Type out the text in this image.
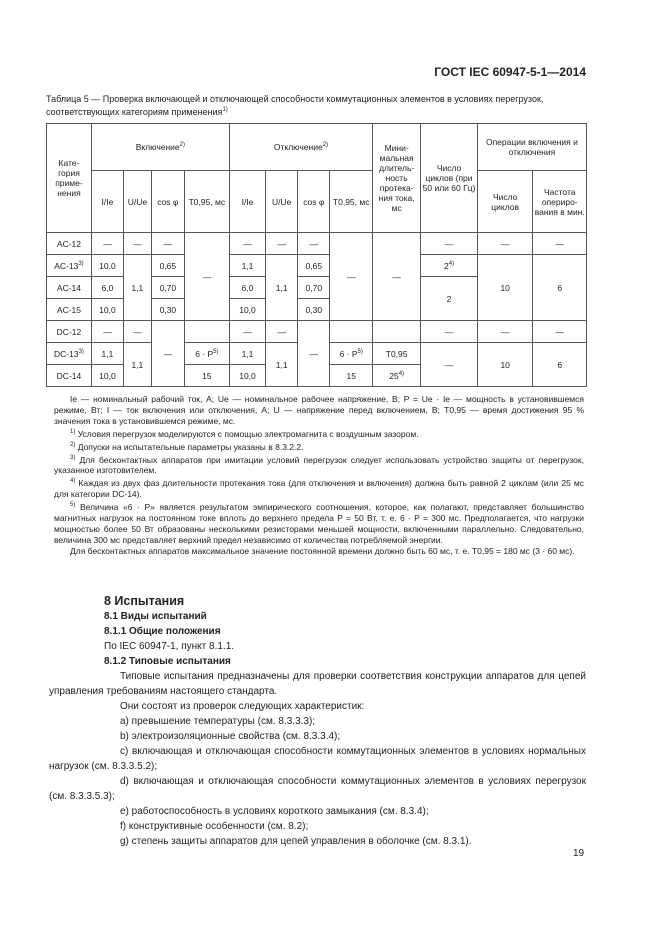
ГОСТ IEC 60947-5-1—2014
Таблица 5 — Проверка включающей и отключающей способности коммутационных элементов в условиях перегрузок, соответствующих категориям применения$^{1)}$
Кате-гория приме-нения	Включение$^{2)}$				Отключение$^{2)}$				Мини-мальная длитель-ность протека-ния тока, мс	Число циклов (при 50 или 60 Гц)	Операции включения и отключения	
	I/Ie	U/Ue	cos φ	T0,95, мс	I/Ie	U/Ue	cos φ	T0,95, мс			Число циклов	Частота опериро-вания в мин.
AC-12	—	—	—	—	—	—	—	—	—	—	—	—
AC-13$^{3)}$	10,0	1,1	0,65		1,1	1,1	0,65			2$^{4)}$	10	6
AC-14	6,0		0,70		6,0		0,70			2		
AC-15	10,0		0,30		10,0		0,30					
DC-12	—	—	—		—	—	—			—	—	—
DC-13$^{3)}$	1,1	1,1		$6 \cdot P^{5)}$	1,1	1,1		$6 \cdot P^{5)}$	T0,95	—	10	6
DC-14	10,0			15	10,0			15	25$^{4)}$

Ie — номинальный рабочий ток, А; Ue — номинальное рабочее напряжение, В; P = Ue · Ie — мощность в установившемся режиме, Вт; I — ток включения или отключения, А; U — напряжение перед включением, В; T0,95 — время достижения 95 % значения тока в установившемся режиме, мс.

$^{1)}$ Условия перегрузок моделируются с помощью электромагнита с воздушным зазором.

$^{2)}$ Допуски на испытательные параметры указаны в 8.3.2.2.

$^{3)}$ Для бесконтактных аппаратов при имитации условий перегрузок следует использовать устройство защиты от перегрузок, указанное изготовителем.

$^{4)}$ Каждая из двух фаз длительности протекания тока (для отключения и включения) должна быть равной 2 циклам (или 25 мс для категории DC-14).

$^{5)}$ Величина «6 · P» является результатом эмпирического соотношения, которое, как полагают, представляет большинство магнитных нагрузок на постоянном токе вплоть до верхнего предела P = 50 Вт, т. е. 6 · P = 300 мс. Предполагается, что нагрузки мощностью более 50 Вт образованы несколькими резисторами меньшей мощности, включенными параллельно. Следовательно, величина 300 мс представляет верхний предел независимо от количества потребляемой энергии.

Для бесконтактных аппаратов максимальное значение постоянной времени должно быть 60 мс, т. е. T0,95 = 180 мс (3 · 60 мс).

8 Испытания

8.1 Виды испытаний

8.1.1 Общие положения

По IEC 60947-1, пункт 8.1.1.

8.1.2 Типовые испытания

Типовые испытания предназначены для проверки соответствия конструкции аппаратов для цепей управления требованиям настоящего стандарта.

Они состоят из проверок следующих характеристик:

a) превышение температуры (см. 8.3.3.3);

b) электроизоляционные свойства (см. 8.3.3.4);

c) включающая и отключающая способности коммутационных элементов в условиях нормальных нагрузок (см. 8.3.3.5.2);

d) включающая и отключающая способности коммутационных элементов в условиях перегрузок (см. 8.3.3.5.3);

e) работоспособность в условиях короткого замыкания (см. 8.3.4);

f) конструктивные особенности (см. 8.2);

g) степень защиты аппаратов для цепей управления в оболочке (см. 8.3.1).

19
